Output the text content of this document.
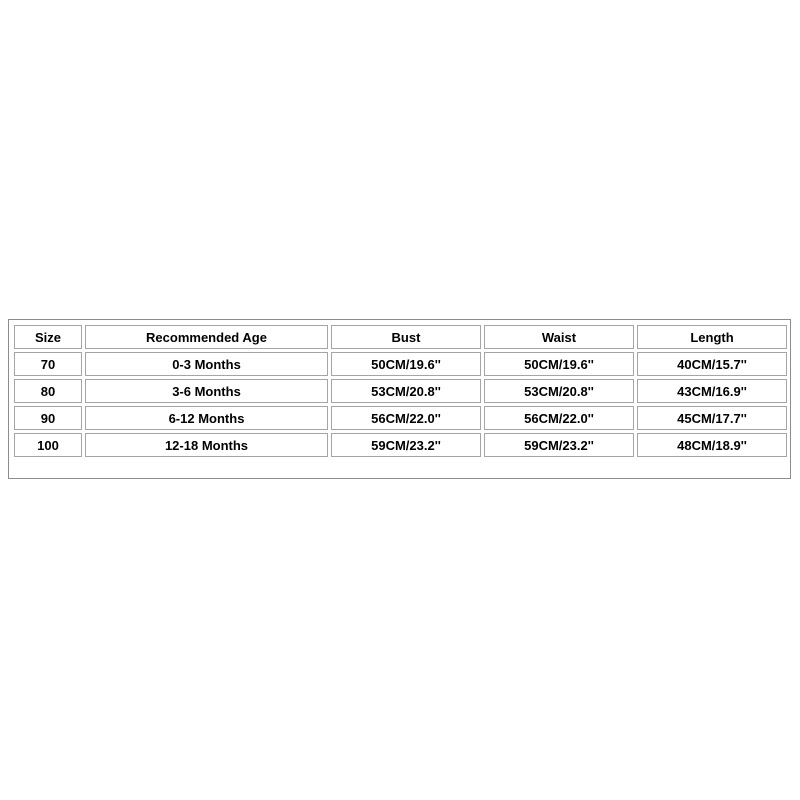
Size	Recommended Age	Bust	Waist	Length
70	0-3 Months	50CM/19.6''	50CM/19.6''	40CM/15.7''
80	3-6 Months	53CM/20.8''	53CM/20.8''	43CM/16.9''
90	6-12 Months	56CM/22.0''	56CM/22.0''	45CM/17.7''
100	12-18 Months	59CM/23.2''	59CM/23.2''	48CM/18.9''
